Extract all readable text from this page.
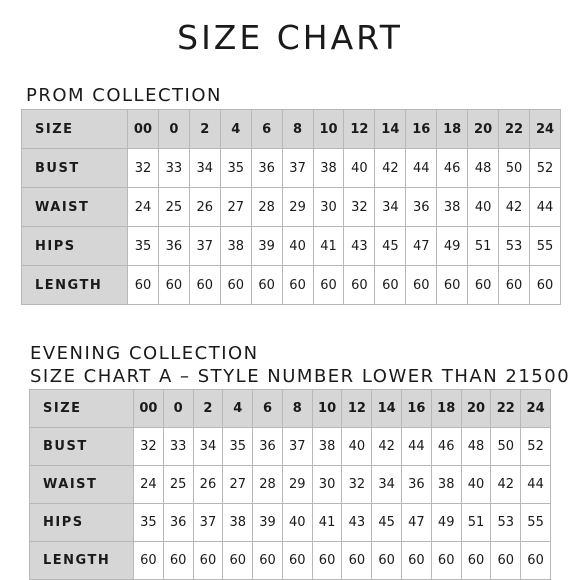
SIZE CHART
PROM COLLECTION
SIZE	00	0	2	4	6	8	10	12	14	16	18	20	22	24
BUST	32	33	34	35	36	37	38	40	42	44	46	48	50	52
WAIST	24	25	26	27	28	29	30	32	34	36	38	40	42	44
HIPS	35	36	37	38	39	40	41	43	45	47	49	51	53	55
LENGTH	60	60	60	60	60	60	60	60	60	60	60	60	60	60
EVENING COLLECTION
SIZE CHART A – STYLE NUMBER LOWER THAN 21500
SIZE	00	0	2	4	6	8	10	12	14	16	18	20	22	24
BUST	32	33	34	35	36	37	38	40	42	44	46	48	50	52
WAIST	24	25	26	27	28	29	30	32	34	36	38	40	42	44
HIPS	35	36	37	38	39	40	41	43	45	47	49	51	53	55
LENGTH	60	60	60	60	60	60	60	60	60	60	60	60	60	60
